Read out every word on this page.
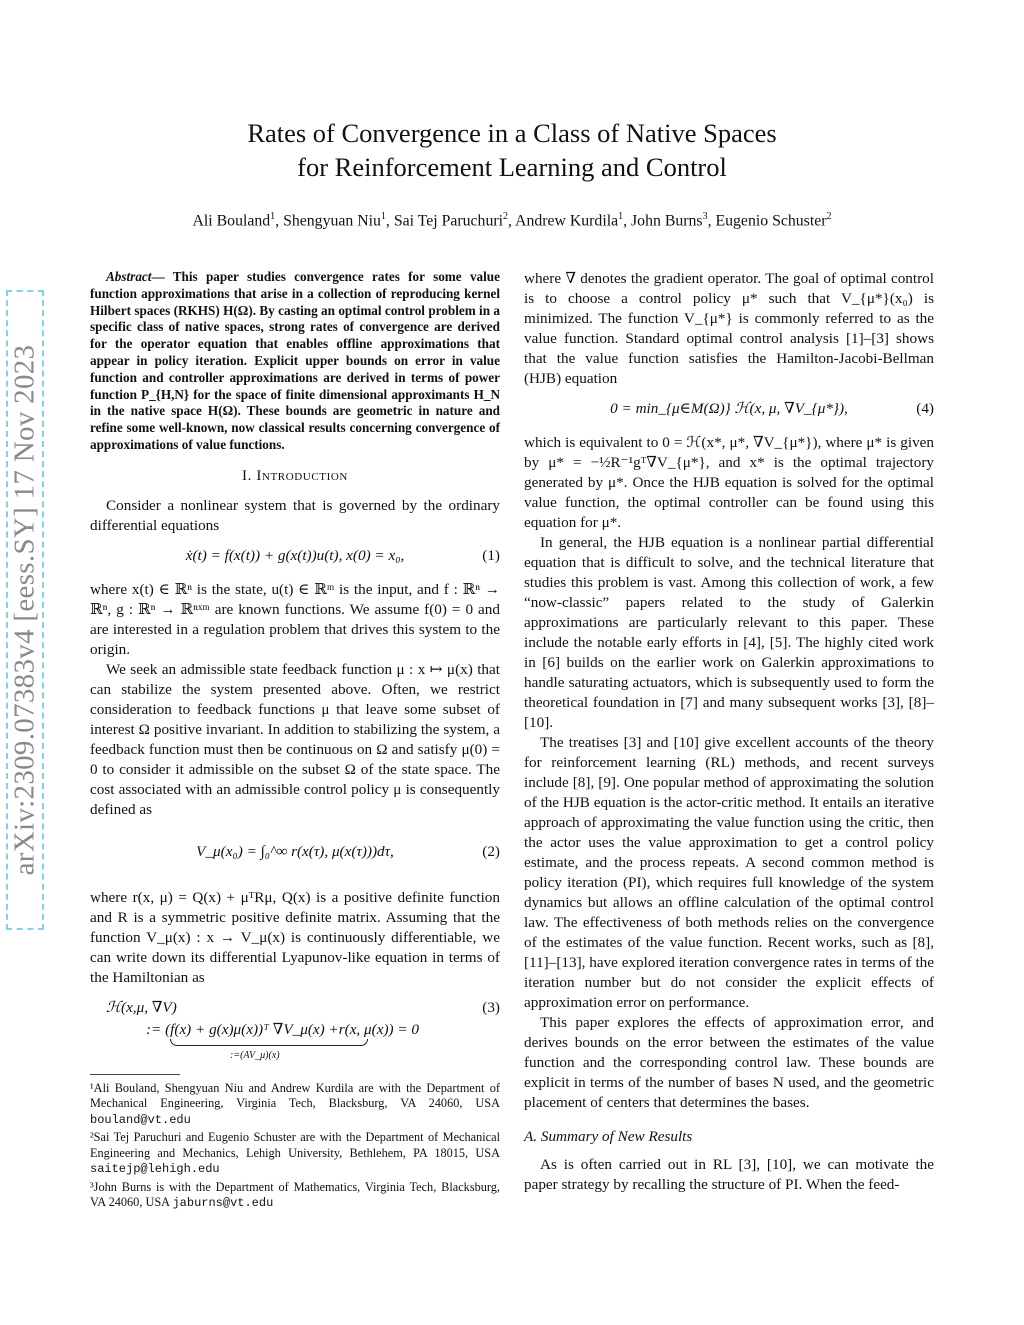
arXiv:2309.07383v4 [eess.SY] 17 Nov 2023
Rates of Convergence in a Class of Native Spaces
for Reinforcement Learning and Control
Ali Bouland$^1$, Shengyuan Niu$^1$, Sai Tej Paruchuri$^2$, Andrew Kurdila$^1$, John Burns$^3$, Eugenio Schuster$^2$

Abstract— This paper studies convergence rates for some value function approximations that arise in a collection of reproducing kernel Hilbert spaces (RKHS) H(Ω). By casting an optimal control problem in a specific class of native spaces, strong rates of convergence are derived for the operator equation that enables offline approximations that appear in policy iteration. Explicit upper bounds on error in value function and controller approximations are derived in terms of power function P_{H,N} for the space of finite dimensional approximants H_N in the native space H(Ω). These bounds are geometric in nature and refine some well-known, now classical results concerning convergence of approximations of value functions.

I. Introduction

Consider a nonlinear system that is governed by the ordinary differential equations

ẋ(t) = f(x(t)) + g(x(t))u(t), x(0) = x₀,	(1)

where x(t) ∈ ℝⁿ is the state, u(t) ∈ ℝᵐ is the input, and f : ℝⁿ → ℝⁿ, g : ℝⁿ → ℝⁿˣᵐ are known functions. We assume f(0) = 0 and are interested in a regulation problem that drives this system to the origin.

We seek an admissible state feedback function μ : x ↦ μ(x) that can stabilize the system presented above. Often, we restrict consideration to feedback functions μ that leave some subset of interest Ω positive invariant. In addition to stabilizing the system, a feedback function must then be continuous on Ω and satisfy μ(0) = 0 to consider it admissible on the subset Ω of the state space. The cost associated with an admissible control policy μ is consequently defined as

V_μ(x₀) = ∫₀^∞ r(x(τ), μ(x(τ)))dτ,	(2)

where r(x, μ) = Q(x) + μᵀRμ, Q(x) is a positive definite function and R is a symmetric positive definite matrix. Assuming that the function V_μ(x) : x → V_μ(x) is continuously differentiable, we can write down its differential Lyapunov-like equation in terms of the Hamiltonian as

ℋ(x,μ, ∇V)	(3)
:= (f(x) + g(x)μ(x))ᵀ ∇V_μ(x) +r(x, μ(x)) = 0
:=(AV_μ)(x)

¹Ali Bouland, Shengyuan Niu and Andrew Kurdila are with the Department of Mechanical Engineering, Virginia Tech, Blacksburg, VA 24060, USA bouland@vt.edu

²Sai Tej Paruchuri and Eugenio Schuster are with the Department of Mechanical Engineering and Mechanics, Lehigh University, Bethlehem, PA 18015, USA saitejp@lehigh.edu

³John Burns is with the Department of Mathematics, Virginia Tech, Blacksburg, VA 24060, USA jaburns@vt.edu

where ∇ denotes the gradient operator. The goal of optimal control is to choose a control policy μ* such that V_{μ*}(x₀) is minimized. The function V_{μ*} is commonly referred to as the value function. Standard optimal control analysis [1]–[3] shows that the value function satisfies the Hamilton-Jacobi-Bellman (HJB) equation

0 = min_{μ∈M(Ω)} ℋ(x, μ, ∇V_{μ*}),	(4)

which is equivalent to 0 = ℋ(x*, μ*, ∇V_{μ*}), where μ* is given by μ* = −½R⁻¹gᵀ∇V_{μ*}, and x* is the optimal trajectory generated by μ*. Once the HJB equation is solved for the optimal value function, the optimal controller can be found using this equation for μ*.

In general, the HJB equation is a nonlinear partial differential equation that is difficult to solve, and the technical literature that studies this problem is vast. Among this collection of work, a few “now-classic” papers related to the study of Galerkin approximations are particularly relevant to this paper. These include the notable early efforts in [4], [5]. The highly cited work in [6] builds on the earlier work on Galerkin approximations to handle saturating actuators, which is subsequently used to form the theoretical foundation in [7] and many subsequent works [3], [8]–[10].

The treatises [3] and [10] give excellent accounts of the theory for reinforcement learning (RL) methods, and recent surveys include [8], [9]. One popular method of approximating the solution of the HJB equation is the actor-critic method. It entails an iterative approach of approximating the value function using the critic, then the actor uses the value approximation to get a control policy estimate, and the process repeats. A second common method is policy iteration (PI), which requires full knowledge of the system dynamics but allows an offline calculation of the optimal control law. The effectiveness of both methods relies on the convergence of the estimates of the value function. Recent works, such as [8], [11]–[13], have explored iteration convergence rates in terms of the iteration number but do not consider the explicit effects of approximation error on performance.

This paper explores the effects of approximation error, and derives bounds on the error between the estimates of the value function and the corresponding control law. These bounds are explicit in terms of the number of bases N used, and the geometric placement of centers that determines the bases.

A. Summary of New Results

As is often carried out in RL [3], [10], we can motivate the paper strategy by recalling the structure of PI. When the feed-
